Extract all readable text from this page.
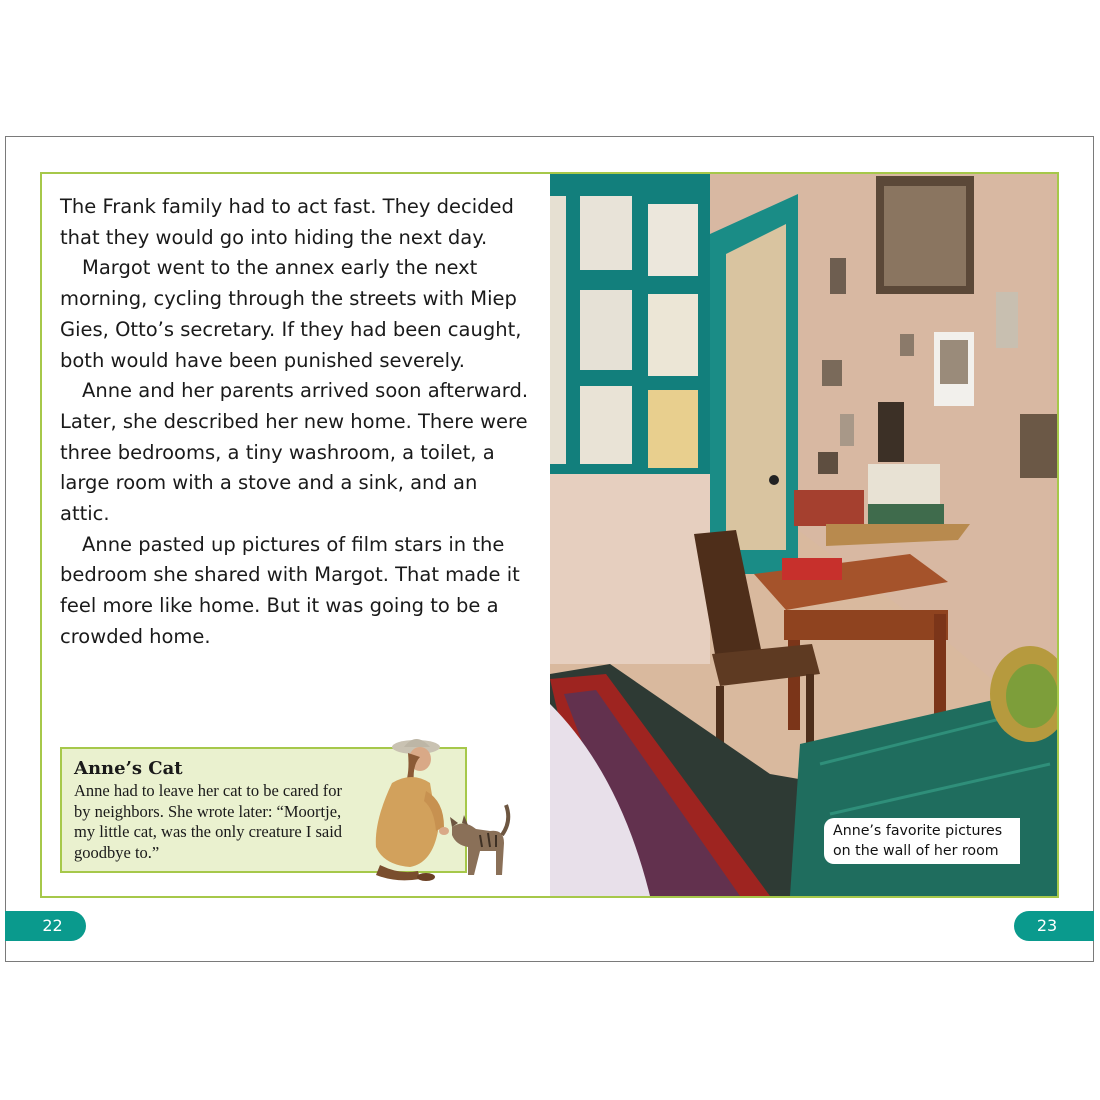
The Frank family had to act fast. They decided that they would go into hiding the next day.

Margot went to the annex early the next morning, cycling through the streets with Miep Gies, Otto’s secretary. If they had been caught, both would have been punished severely.

Anne and her parents arrived soon afterward. Later, she described her new home. There were three bedrooms, a tiny washroom, a toilet, a large room with a stove and a sink, and an attic.

Anne pasted up pictures of film stars in the bedroom she shared with Margot. That made it feel more like home. But it was going to be a crowded home.

Anne’s Cat
Anne had to leave her cat to be cared for by neighbors. She wrote later: “Moortje, my little cat, was the only creature I said goodbye to.”
Anne’s favorite pictures on the wall of her room
22	23
